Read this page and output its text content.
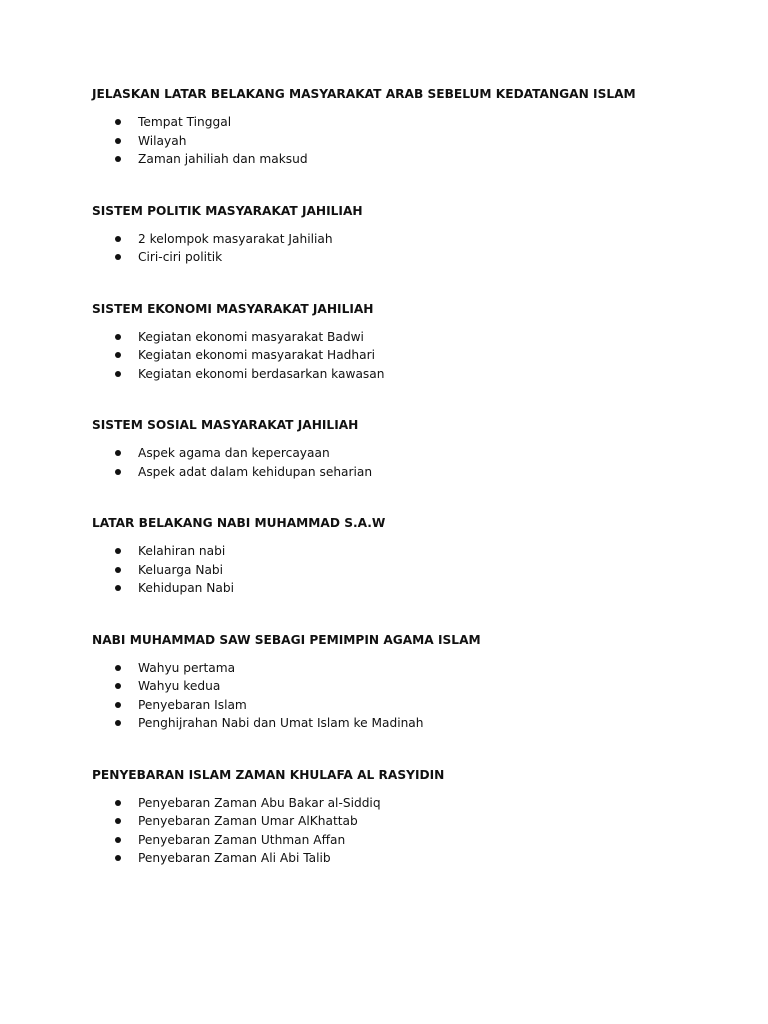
JELASKAN LATAR BELAKANG MASYARAKAT ARAB SEBELUM KEDATANGAN ISLAM
Tempat Tinggal
Wilayah
Zaman jahiliah dan maksud
SISTEM POLITIK MASYARAKAT JAHILIAH
2 kelompok masyarakat Jahiliah
Ciri-ciri politik
SISTEM EKONOMI MASYARAKAT JAHILIAH
Kegiatan ekonomi masyarakat Badwi
Kegiatan ekonomi masyarakat Hadhari
Kegiatan ekonomi berdasarkan kawasan
SISTEM SOSIAL MASYARAKAT JAHILIAH
Aspek agama dan kepercayaan
Aspek adat dalam kehidupan seharian
LATAR BELAKANG NABI MUHAMMAD S.A.W
Kelahiran nabi
Keluarga Nabi
Kehidupan Nabi
NABI MUHAMMAD SAW SEBAGI PEMIMPIN AGAMA ISLAM
Wahyu pertama
Wahyu kedua
Penyebaran Islam
Penghijrahan Nabi dan Umat Islam ke Madinah
PENYEBARAN ISLAM ZAMAN KHULAFA AL RASYIDIN
Penyebaran Zaman Abu Bakar al-Siddiq
Penyebaran Zaman Umar AlKhattab
Penyebaran Zaman Uthman Affan
Penyebaran Zaman Ali Abi Talib
